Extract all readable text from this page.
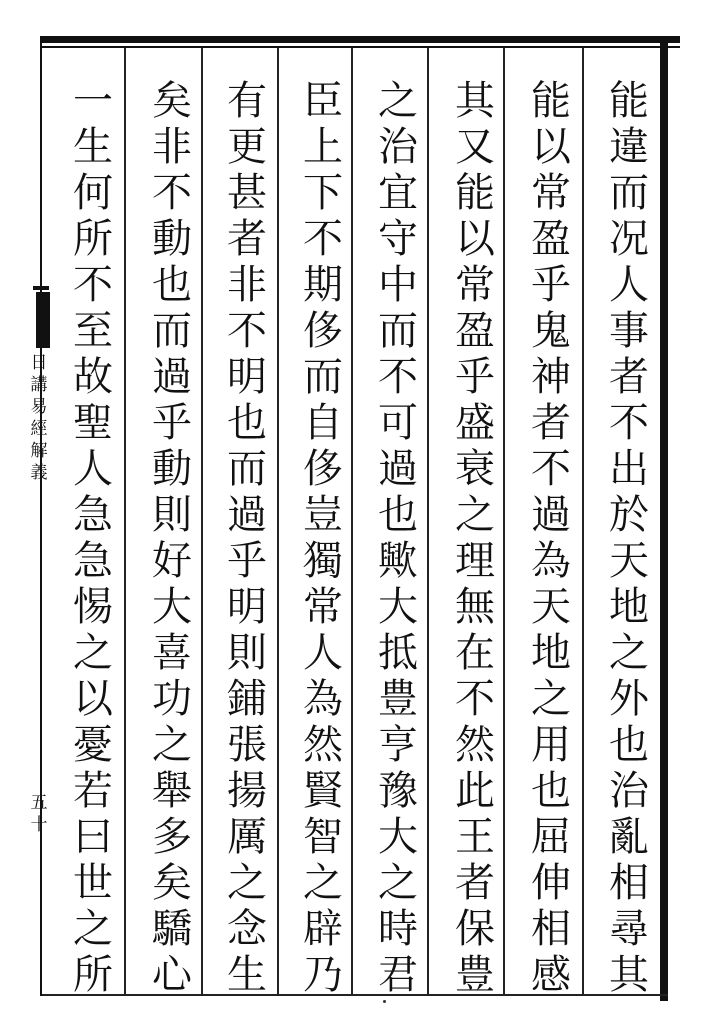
能
違
而
况
人
事
者
不
出
於
天
地
之
外
也
治
亂
相
尋
其
能
以
常
盈
乎
鬼
神
者
不
過
為
天
地
之
用
也
屈
伸
相
感
其
又
能
以
常
盈
乎
盛
衰
之
理
無
在
不
然
此
王
者
保
豊
之
治
宜
守
中
而
不
可
過
也
歟
大
抵
豊
亨
豫
大
之
時
君
臣
上
下
不
期
侈
而
自
侈
豈
獨
常
人
為
然
賢
智
之
辟
乃
有
更
甚
者
非
不
明
也
而
過
乎
明
則
鋪
張
揚
厲
之
念
生
矣
非
不
動
也
而
過
乎
動
則
好
大
喜
功
之
舉
多
矣
驕
心
一
生
何
所
不
至
故
聖
人
急
急
惕
之
以
憂
若
曰
世
之
所
日
講
易
經
解
義
五
十
